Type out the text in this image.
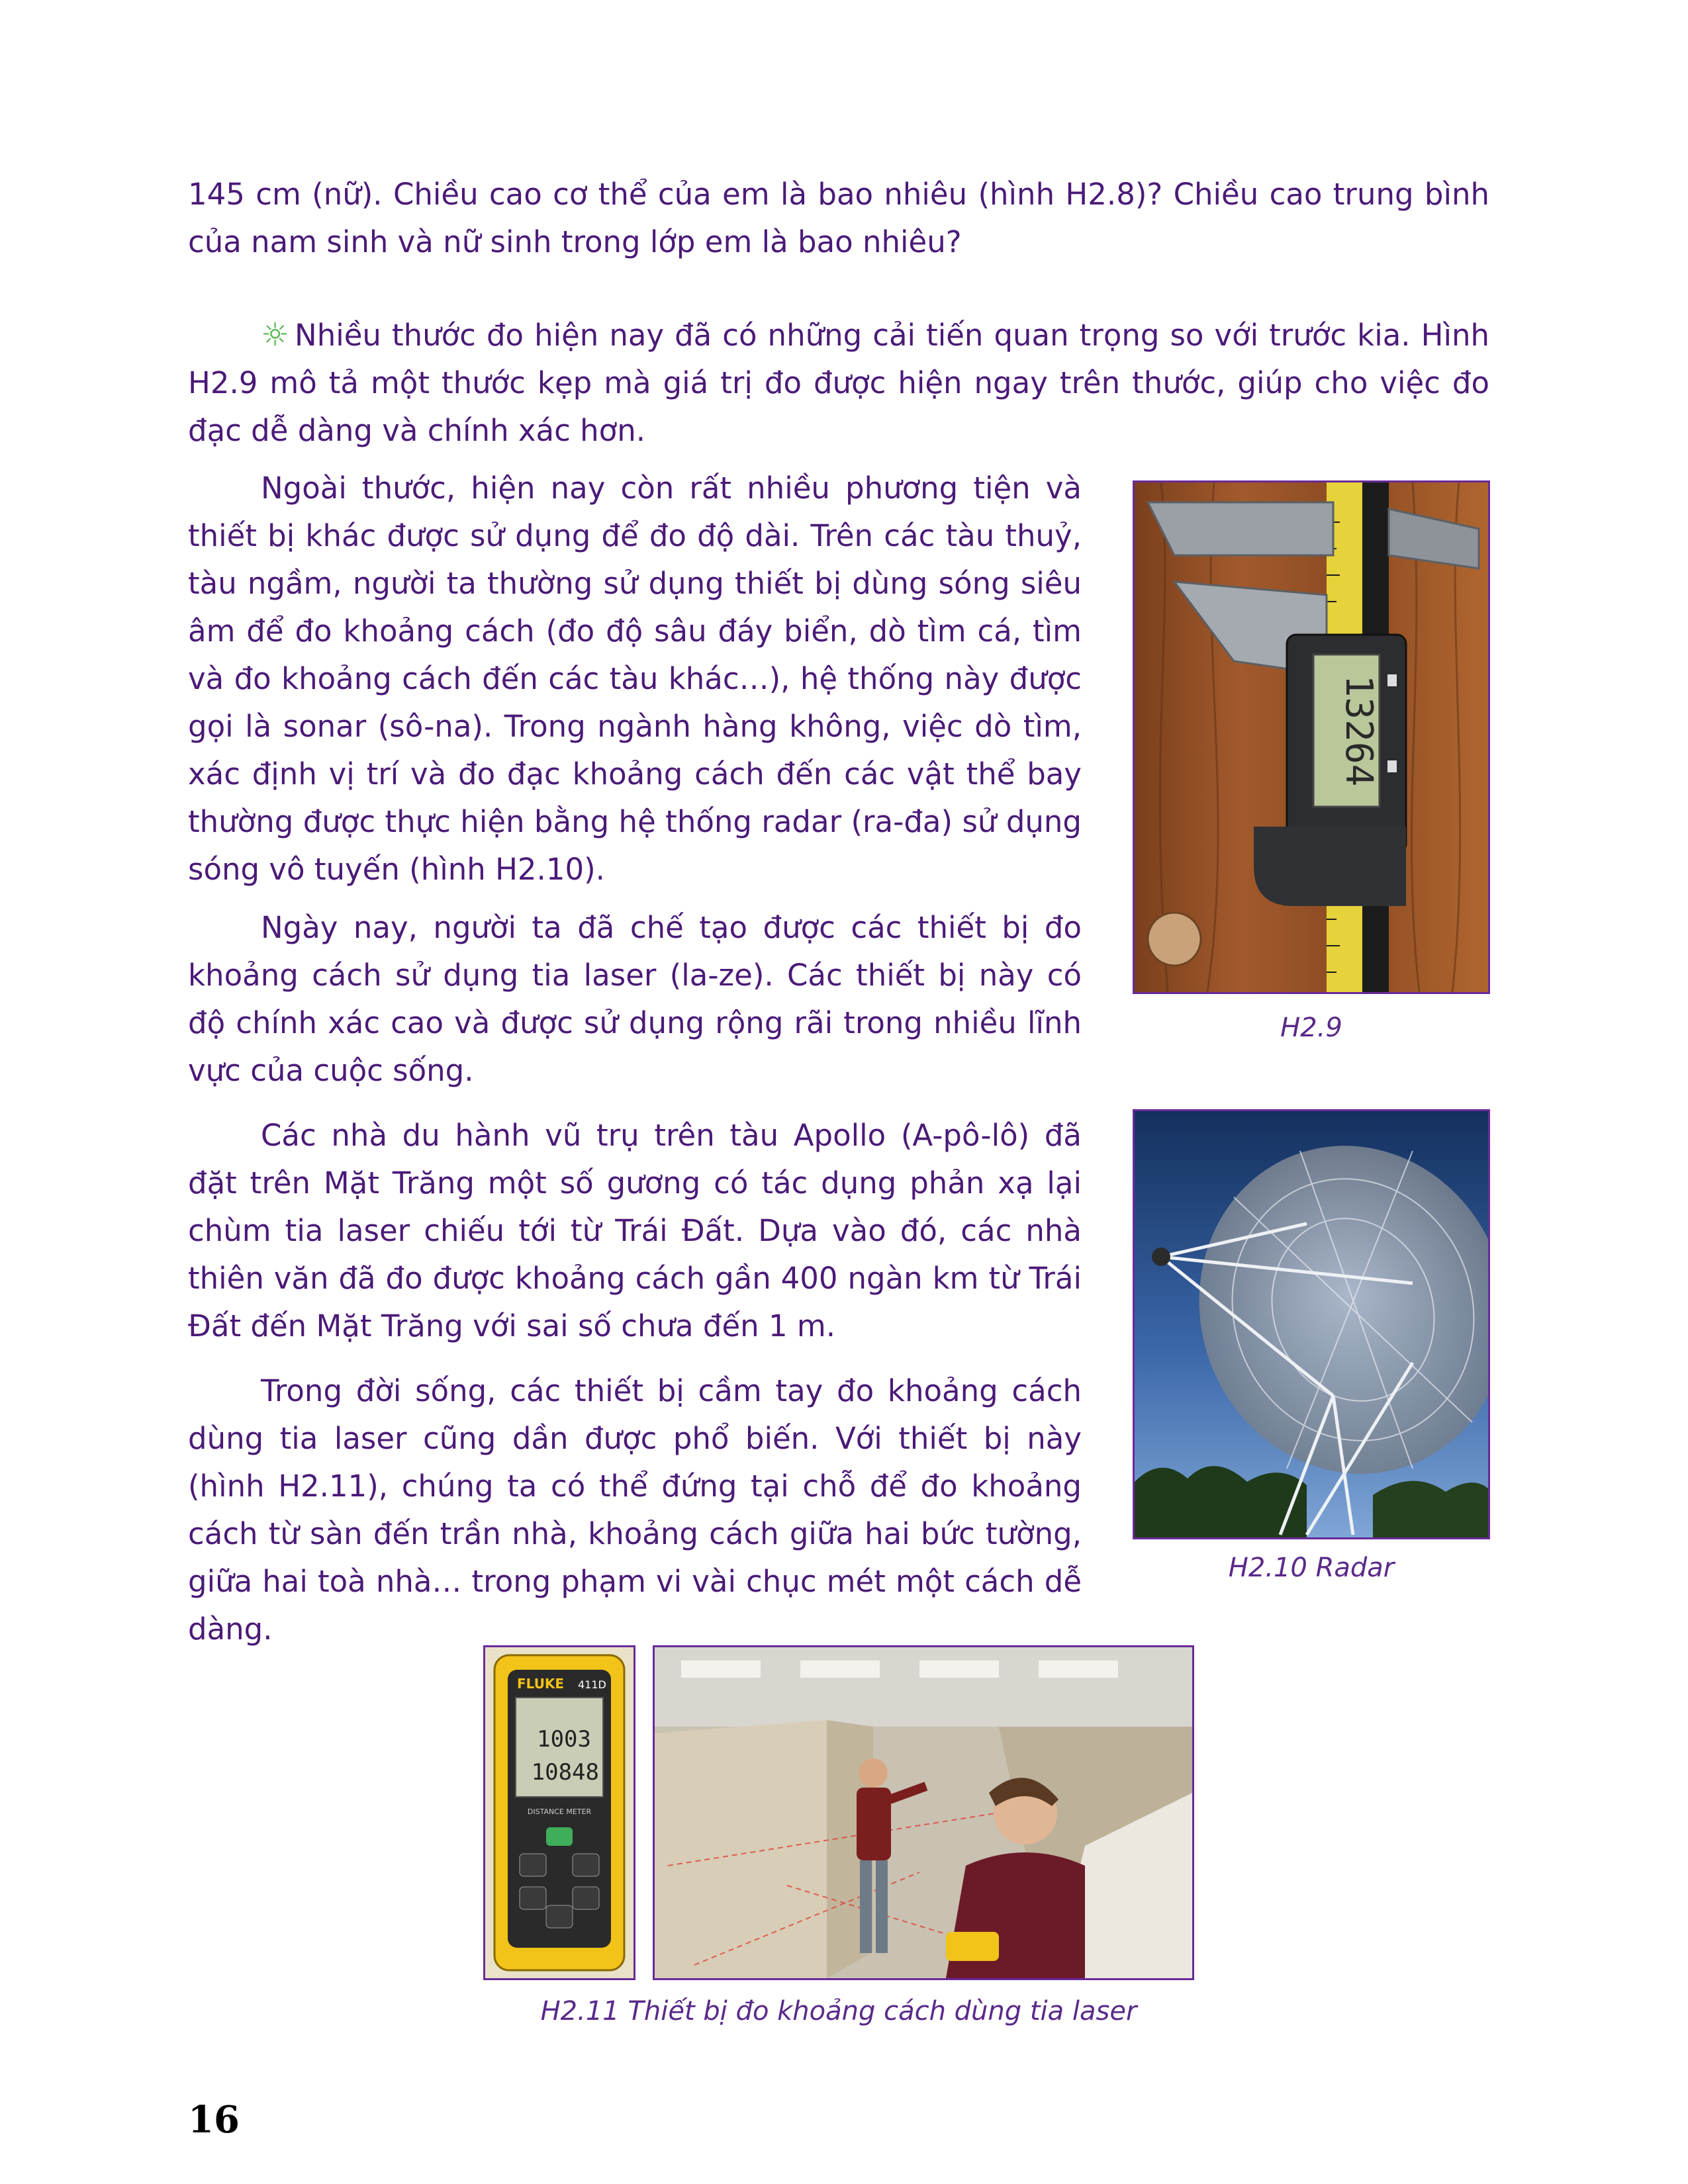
145 cm (nữ). Chiều cao cơ thể của em là bao nhiêu (hình H2.8)? Chiều cao trung bình của nam sinh và nữ sinh trong lớp em là bao nhiêu?

☼ Nhiều thước đo hiện nay đã có những cải tiến quan trọng so với trước kia. Hình H2.9 mô tả một thước kẹp mà giá trị đo được hiện ngay trên thước, giúp cho việc đo đạc dễ dàng và chính xác hơn.

Ngoài thước, hiện nay còn rất nhiều phương tiện và thiết bị khác được sử dụng để đo độ dài. Trên các tàu thuỷ, tàu ngầm, người ta thường sử dụng thiết bị dùng sóng siêu âm để đo khoảng cách (đo độ sâu đáy biển, dò tìm cá, tìm và đo khoảng cách đến các tàu khác…), hệ thống này được gọi là sonar (sô-na). Trong ngành hàng không, việc dò tìm, xác định vị trí và đo đạc khoảng cách đến các vật thể bay thường được thực hiện bằng hệ thống radar (ra-đa) sử dụng sóng vô tuyến (hình H2.10).

Ngày nay, người ta đã chế tạo được các thiết bị đo khoảng cách sử dụng tia laser (la-ze). Các thiết bị này có độ chính xác cao và được sử dụng rộng rãi trong nhiều lĩnh vực của cuộc sống.

Các nhà du hành vũ trụ trên tàu Apollo (A-pô-lô) đã đặt trên Mặt Trăng một số gương có tác dụng phản xạ lại chùm tia laser chiếu tới từ Trái Đất. Dựa vào đó, các nhà thiên văn đã đo được khoảng cách gần 400 ngàn km từ Trái Đất đến Mặt Trăng với sai số chưa đến 1 m.

Trong đời sống, các thiết bị cầm tay đo khoảng cách dùng tia laser cũng dần được phổ biến. Với thiết bị này (hình H2.11), chúng ta có thể đứng tại chỗ để đo khoảng cách từ sàn đến trần nhà, khoảng cách giữa hai bức tường, giữa hai toà nhà… trong phạm vi vài chục mét một cách dễ dàng.

13264
H2.9
H2.10 Radar
FLUKE 411D
1003
10848
DISTANCE METER
H2.11 Thiết bị đo khoảng cách dùng tia laser
16
